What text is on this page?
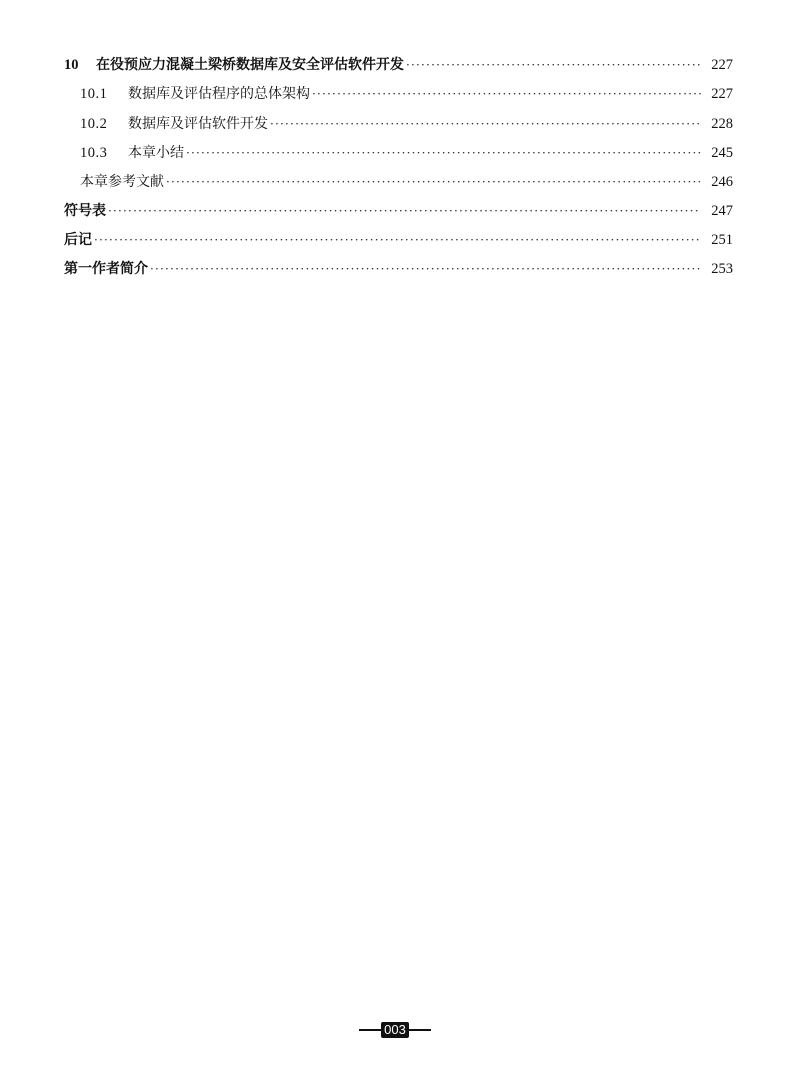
10	在役预应力混凝土梁桥数据库及安全评估软件开发 ·····	227
10.1	数据库及评估程序的总体架构 ·····	227
10.2	数据库及评估软件开发 ·····	228
10.3	本章小结 ·····	245
本章参考文献 ·····	246
符号表 ·····	247
后记 ·····	251
第一作者简介 ·····	253
003
